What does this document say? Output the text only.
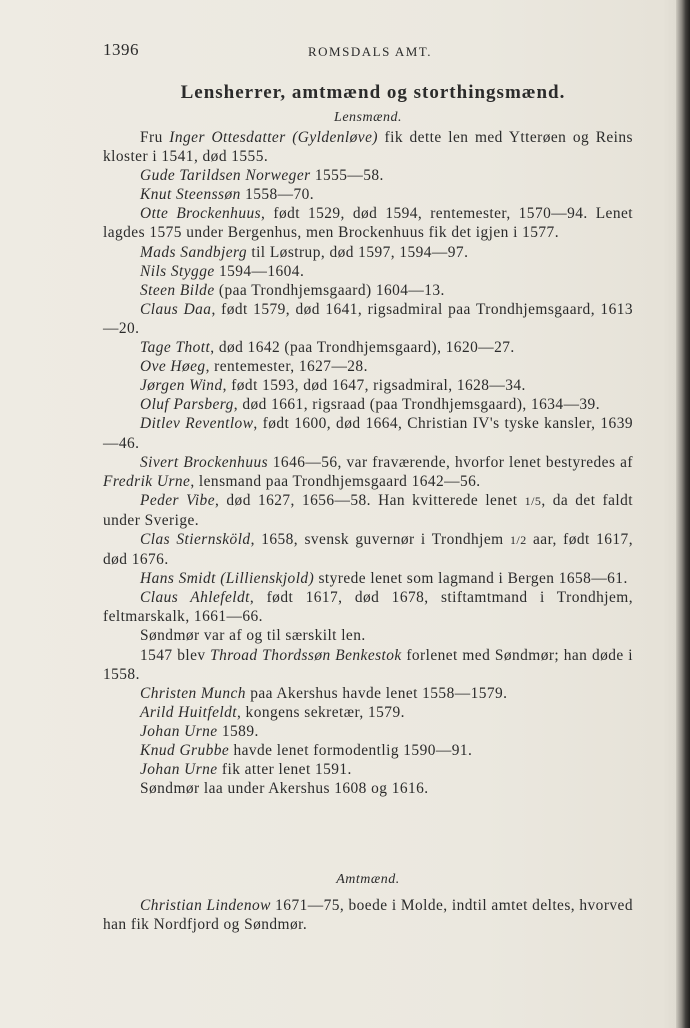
1396	ROMSDALS AMT.
Lensherrer, amtmænd og storthingsmænd.
Lensmænd.

Fru Inger Ottesdatter (Gyldenløve) fik dette len med Ytterøen og Reins kloster i 1541, død 1555.

Gude Tarildsen Norweger 1555—58.

Knut Steenssøn 1558—70.

Otte Brockenhuus, født 1529, død 1594, rentemester, 1570—94. Lenet lagdes 1575 under Bergenhus, men Brockenhuus fik det igjen i 1577.

Mads Sandbjerg til Løstrup, død 1597, 1594—97.

Nils Stygge 1594—1604.

Steen Bilde (paa Trondhjemsgaard) 1604—13.

Claus Daa, født 1579, død 1641, rigsadmiral paa Trondhjemsgaard, 1613—20.

Tage Thott, død 1642 (paa Trondhjemsgaard), 1620—27.

Ove Høeg, rentemester, 1627—28.

Jørgen Wind, født 1593, død 1647, rigsadmiral, 1628—34.

Oluf Parsberg, død 1661, rigsraad (paa Trondhjemsgaard), 1634—39.

Ditlev Reventlow, født 1600, død 1664, Christian IV's tyske kansler, 1639—46.

Sivert Brockenhuus 1646—56, var fraværende, hvorfor lenet bestyredes af Fredrik Urne, lensmand paa Trondhjemsgaard 1642—56.

Peder Vibe, død 1627, 1656—58. Han kvitterede lenet 1/5, da det faldt under Sverige.

Clas Stiernsköld, 1658, svensk guvernør i Trondhjem 1/2 aar, født 1617, død 1676.

Hans Smidt (Lillienskjold) styrede lenet som lagmand i Bergen 1658—61.

Claus Ahlefeldt, født 1617, død 1678, stiftamtmand i Trondhjem, feltmarskalk, 1661—66.

Søndmør var af og til særskilt len.

1547 blev Throad Thordssøn Benkestok forlenet med Søndmør; han døde i 1558.

Christen Munch paa Akershus havde lenet 1558—1579.

Arild Huitfeldt, kongens sekretær, 1579.

Johan Urne 1589.

Knud Grubbe havde lenet formodentlig 1590—91.

Johan Urne fik atter lenet 1591.

Søndmør laa under Akershus 1608 og 1616.

Amtmænd.

Christian Lindenow 1671—75, boede i Molde, indtil amtet deltes, hvorved han fik Nordfjord og Søndmør.
